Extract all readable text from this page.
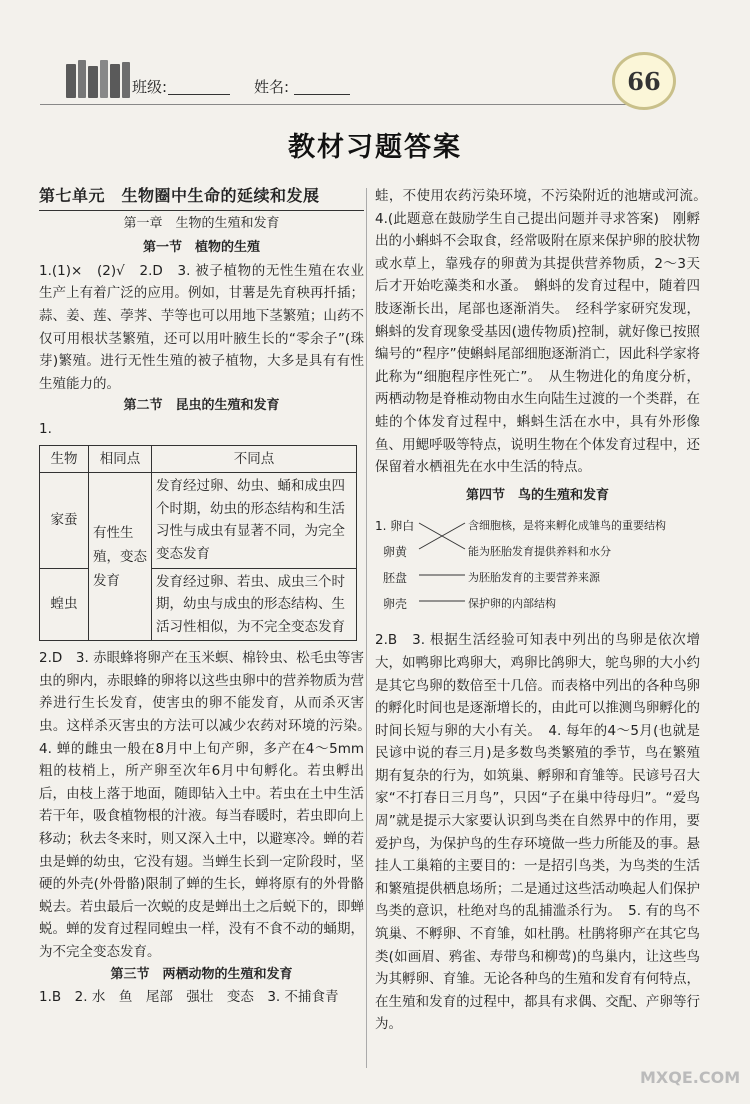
班级:	姓名:	66
教材习题答案
第七单元　生物圈中生命的延续和发展
第一章　生物的生殖和发育
第一节　植物的生殖

1.(1)×　(2)√　2.D　3. 被子植物的无性生殖在农业生产上有着广泛的应用。例如，甘薯是先育秧再扦插；蒜、姜、莲、荸荠、芋等也可以用地下茎繁殖；山药不仅可用根状茎繁殖，还可以用叶腋生长的“零余子”(珠芽)繁殖。进行无性生殖的被子植物，大多是具有有性生殖能力的。

第二节　昆虫的生殖和发育

1.

生物	相同点	不同点
家蚕	有性生殖，变态发育	发育经过卵、幼虫、蛹和成虫四个时期，幼虫的形态结构和生活习性与成虫有显著不同，为完全变态发育
蝗虫		发育经过卵、若虫、成虫三个时期，幼虫与成虫的形态结构、生活习性相似，为不完全变态发育

2.D　3. 赤眼蜂将卵产在玉米螟、棉铃虫、松毛虫等害虫的卵内，赤眼蜂的卵将以这些虫卵中的营养物质为营养进行生长发育，使害虫的卵不能发育，从而杀灭害虫。这样杀灭害虫的方法可以减少农药对环境的污染。　4. 蝉的雌虫一般在8月中上旬产卵，多产在4～5mm粗的枝梢上，所产卵至次年6月中旬孵化。若虫孵出后，由枝上落于地面，随即钻入土中。若虫在土中生活若干年，吸食植物根的汁液。每当春暖时，若虫即向上移动；秋去冬来时，则又深入土中，以避寒冷。蝉的若虫是蝉的幼虫，它没有翅。当蝉生长到一定阶段时，坚硬的外壳(外骨骼)限制了蝉的生长，蝉将原有的外骨骼蜕去。若虫最后一次蜕的皮是蝉出土之后蜕下的，即蝉蜕。蝉的发育过程同蝗虫一样，没有不食不动的蛹期，为不完全变态发育。

第三节　两栖动物的生殖和发育

1.B　2. 水　鱼　尾部　强壮　变态　3. 不捕食青

蛙，不使用农药污染环境，不污染附近的池塘或河流。　4.(此题意在鼓励学生自己提出问题并寻求答案)　刚孵出的小蝌蚪不会取食，经常吸附在原来保护卵的胶状物或水草上，靠残存的卵黄为其提供营养物质，2～3天后才开始吃藻类和水蚤。　蝌蚪的发育过程中，随着四肢逐渐长出，尾部也逐渐消失。　经科学家研究发现，蝌蚪的发育现象受基因(遗传物质)控制，就好像已按照编号的“程序”使蝌蚪尾部细胞逐渐消亡，因此科学家将此称为“细胞程序性死亡”。　从生物进化的角度分析，两栖动物是脊椎动物由水生向陆生过渡的一个类群，在蛙的个体发育过程中，蝌蚪生活在水中，具有外形像鱼、用鳃呼吸等特点，说明生物在个体发育过程中，还保留着水栖祖先在水中生活的特点。

第四节　鸟的生殖和发育
1. 卵白
卵黄
胚盘
卵壳
含细胞核，是将来孵化成雏鸟的重要结构
能为胚胎发育提供养料和水分
为胚胎发育的主要营养来源
保护卵的内部结构

2.B　3. 根据生活经验可知表中列出的鸟卵是依次增大，如鸭卵比鸡卵大，鸡卵比鸽卵大，鸵鸟卵的大小约是其它鸟卵的数倍至十几倍。而表格中列出的各种鸟卵的孵化时间也是逐渐增长的，由此可以推测鸟卵孵化的时间长短与卵的大小有关。　4. 每年的4～5月(也就是民谚中说的春三月)是多数鸟类繁殖的季节，鸟在繁殖期有复杂的行为，如筑巢、孵卵和育雏等。民谚号召大家“不打春日三月鸟”，只因“子在巢中待母归”。“爱鸟周”就是提示大家要认识到鸟类在自然界中的作用，要爱护鸟，为保护鸟的生存环境做一些力所能及的事。悬挂人工巢箱的主要目的：一是招引鸟类，为鸟类的生活和繁殖提供栖息场所；二是通过这些活动唤起人们保护鸟类的意识，杜绝对鸟的乱捕滥杀行为。　5. 有的鸟不筑巢、不孵卵、不育雏，如杜鹃。杜鹃将卵产在其它鸟类(如画眉、鸦雀、寿带鸟和柳莺)的鸟巢内，让这些鸟为其孵卵、育雏。无论各种鸟的生殖和发育有何特点，在生殖和发育的过程中，都具有求偶、交配、产卵等行为。

MXQE.COM
